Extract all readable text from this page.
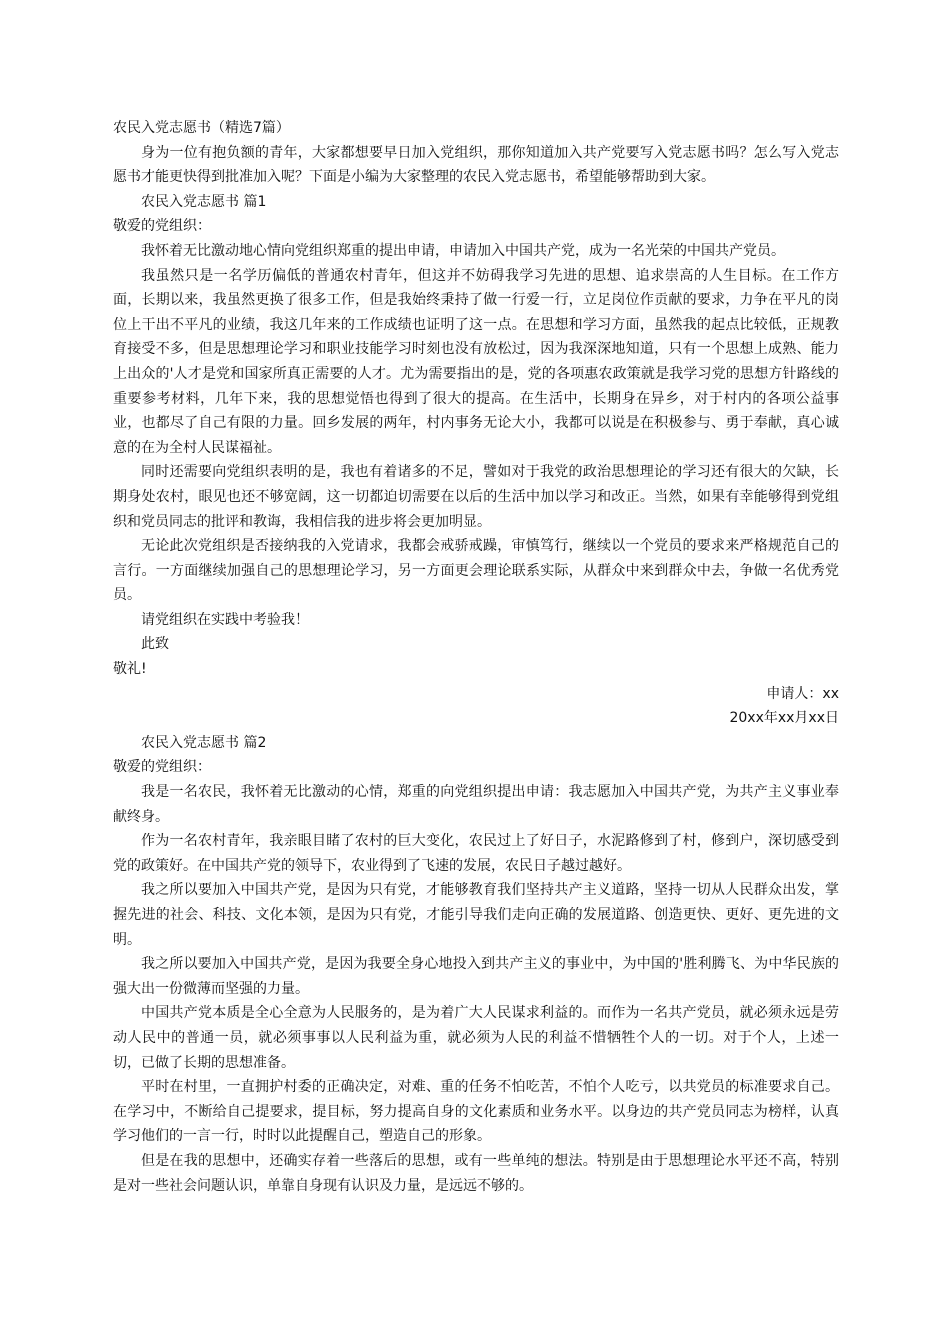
农民入党志愿书（精选7篇）

身为一位有抱负额的青年，大家都想要早日加入党组织，那你知道加入共产党要写入党志愿书吗？怎么写入党志愿书才能更快得到批准加入呢？下面是小编为大家整理的农民入党志愿书，希望能够帮助到大家。

农民入党志愿书 篇1

敬爱的党组织：

我怀着无比激动地心情向党组织郑重的提出申请，申请加入中国共产党，成为一名光荣的中国共产党员。

我虽然只是一名学历偏低的普通农村青年，但这并不妨碍我学习先进的思想、追求崇高的人生目标。在工作方面，长期以来，我虽然更换了很多工作，但是我始终秉持了做一行爱一行，立足岗位作贡献的要求，力争在平凡的岗位上干出不平凡的业绩，我这几年来的工作成绩也证明了这一点。在思想和学习方面，虽然我的起点比较低，正规教育接受不多，但是思想理论学习和职业技能学习时刻也没有放松过，因为我深深地知道，只有一个思想上成熟、能力上出众的'人才是党和国家所真正需要的人才。尤为需要指出的是，党的各项惠农政策就是我学习党的思想方针路线的重要参考材料，几年下来，我的思想觉悟也得到了很大的提高。在生活中，长期身在异乡，对于村内的各项公益事业，也都尽了自己有限的力量。回乡发展的两年，村内事务无论大小，我都可以说是在积极参与、勇于奉献，真心诚意的在为全村人民谋福祉。

同时还需要向党组织表明的是，我也有着诸多的不足，譬如对于我党的政治思想理论的学习还有很大的欠缺，长期身处农村，眼见也还不够宽阔，这一切都迫切需要在以后的生活中加以学习和改正。当然，如果有幸能够得到党组织和党员同志的批评和教诲，我相信我的进步将会更加明显。

无论此次党组织是否接纳我的入党请求，我都会戒骄戒躁，审慎笃行，继续以一个党员的要求来严格规范自己的言行。一方面继续加强自己的思想理论学习，另一方面更会理论联系实际，从群众中来到群众中去，争做一名优秀党员。

请党组织在实践中考验我！

此致

敬礼!

申请人：xx

20xx年xx月xx日

农民入党志愿书 篇2

敬爱的党组织：

我是一名农民，我怀着无比激动的心情，郑重的向党组织提出申请：我志愿加入中国共产党，为共产主义事业奉献终身。

作为一名农村青年，我亲眼目睹了农村的巨大变化，农民过上了好日子，水泥路修到了村，修到户，深切感受到党的政策好。在中国共产党的领导下，农业得到了飞速的发展，农民日子越过越好。

我之所以要加入中国共产党，是因为只有党，才能够教育我们坚持共产主义道路，坚持一切从人民群众出发，掌握先进的社会、科技、文化本领，是因为只有党，才能引导我们走向正确的发展道路、创造更快、更好、更先进的文明。

我之所以要加入中国共产党，是因为我要全身心地投入到共产主义的事业中，为中国的'胜利腾飞、为中华民族的强大出一份微薄而坚强的力量。

中国共产党本质是全心全意为人民服务的，是为着广大人民谋求利益的。而作为一名共产党员，就必须永远是劳动人民中的普通一员，就必须事事以人民利益为重，就必须为人民的利益不惜牺牲个人的一切。对于个人，上述一切，已做了长期的思想准备。

平时在村里，一直拥护村委的正确决定，对难、重的任务不怕吃苦，不怕个人吃亏，以共党员的标准要求自己。在学习中，不断给自己提要求，提目标，努力提高自身的文化素质和业务水平。以身边的共产党员同志为榜样，认真学习他们的一言一行，时时以此提醒自己，塑造自己的形象。

但是在我的思想中，还确实存着一些落后的思想，或有一些单纯的想法。特别是由于思想理论水平还不高，特别是对一些社会问题认识，单靠自身现有认识及力量，是远远不够的。
